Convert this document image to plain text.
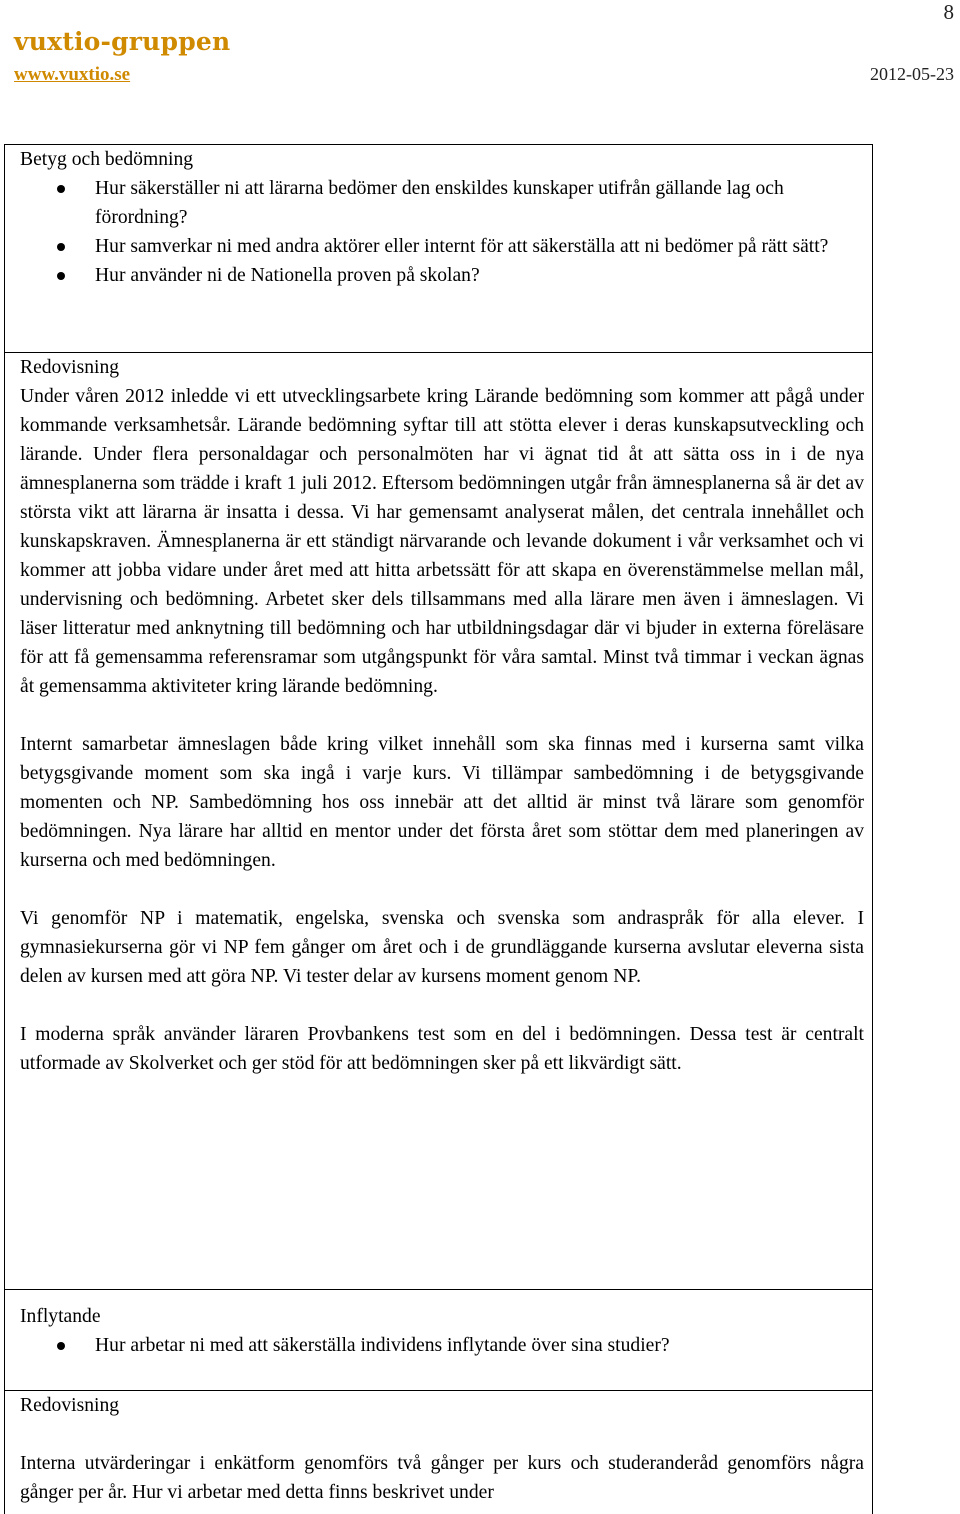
8
vuxtio-gruppen
www.vuxtio.se	2012-05-23
Betyg och bedömning
Hur säkerställer ni att lärarna bedömer den enskildes kunskaper utifrån gällande lag och förordning?
Hur samverkar ni med andra aktörer eller internt för att säkerställa att ni bedömer på rätt sätt?
Hur använder ni de Nationella proven på skolan?
Redovisning

Under våren 2012 inledde vi ett utvecklingsarbete kring Lärande bedömning som kommer att pågå under kommande verksamhetsår. Lärande bedömning syftar till att stötta elever i deras kunskapsutveckling och lärande. Under flera personaldagar och personalmöten har vi ägnat tid åt att sätta oss in i de nya ämnesplanerna som trädde i kraft 1 juli 2012. Eftersom bedömningen utgår från ämnesplanerna så är det av största vikt att lärarna är insatta i dessa. Vi har gemensamt analyserat målen, det centrala innehållet och kunskapskraven. Ämnesplanerna är ett ständigt närvarande och levande dokument i vår verksamhet och vi kommer att jobba vidare under året med att hitta arbetssätt för att skapa en överenstämmelse mellan mål, undervisning och bedömning. Arbetet sker dels tillsammans med alla lärare men även i ämneslagen. Vi läser litteratur med anknytning till bedömning och har utbildningsdagar där vi bjuder in externa föreläsare för att få gemensamma referensramar som utgångspunkt för våra samtal. Minst två timmar i veckan ägnas åt gemensamma aktiviteter kring lärande bedömning.

Internt samarbetar ämneslagen både kring vilket innehåll som ska finnas med i kurserna samt vilka betygsgivande moment som ska ingå i varje kurs. Vi tillämpar sambedömning i de betygsgivande momenten och NP. Sambedömning hos oss innebär att det alltid är minst två lärare som genomför bedömningen. Nya lärare har alltid en mentor under det första året som stöttar dem med planeringen av kurserna och med bedömningen.

Vi genomför NP i matematik, engelska, svenska och svenska som andraspråk för alla elever. I gymnasiekurserna gör vi NP fem gånger om året och i de grundläggande kurserna avslutar eleverna sista delen av kursen med att göra NP. Vi tester delar av kursens moment genom NP.

I moderna språk använder läraren Provbankens test som en del i bedömningen. Dessa test är centralt utformade av Skolverket och ger stöd för att bedömningen sker på ett likvärdigt sätt.

Inflytande
Hur arbetar ni med att säkerställa individens inflytande över sina studier?
Redovisning

Interna utvärderingar i enkätform genomförs två gånger per kurs och studeranderåd genomförs några gånger per år. Hur vi arbetar med detta finns beskrivet under
